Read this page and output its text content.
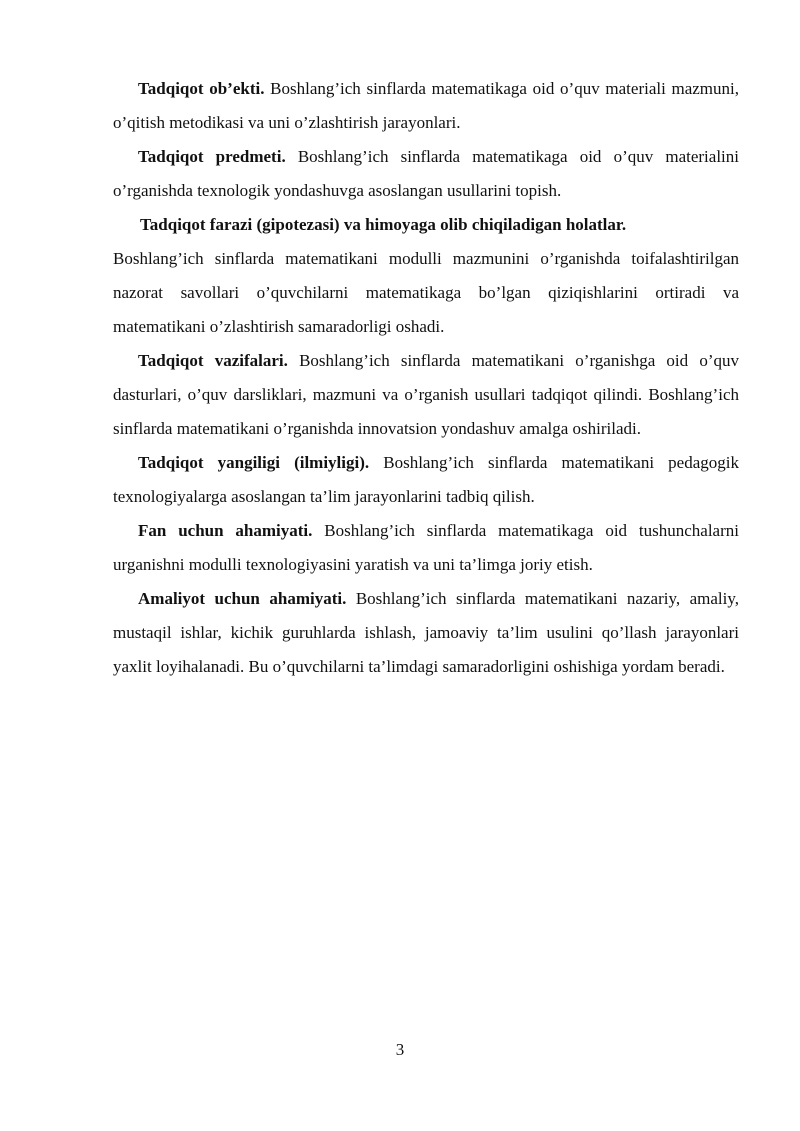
Tadqiqot ob’ekti. Boshlang’ich sinflarda matematikaga oid o’quv materiali mazmuni, o’qitish metodikasi va uni o’zlashtirish jarayonlari.

Tadqiqot predmeti. Boshlang’ich sinflarda matematikaga oid o’quv materialini o’rganishda texnologik yondashuvga asoslangan usullarini topish.

Tadqiqot farazi (gipotezasi) va himoyaga olib chiqiladigan holatlar.

Boshlang’ich sinflarda matematikani modulli mazmunini o’rganishda toifalashtirilgan nazorat savollari o’quvchilarni matematikaga bo’lgan qiziqishlarini ortiradi va matematikani o’zlashtirish samaradorligi oshadi.

Tadqiqot vazifalari. Boshlang’ich sinflarda matematikani o’rganishga oid o’quv dasturlari, o’quv darsliklari, mazmuni va o’rganish usullari tadqiqot qilindi. Boshlang’ich sinflarda matematikani o’rganishda innovatsion yondashuv amalga oshiriladi.

Tadqiqot yangiligi (ilmiyligi). Boshlang’ich sinflarda matematikani pedagogik texnologiyalarga asoslangan ta’lim jarayonlarini tadbiq qilish.

Fan uchun ahamiyati. Boshlang’ich sinflarda matematikaga oid tushunchalarni urganishni modulli texnologiyasini yaratish va uni ta’limga joriy etish.

Amaliyot uchun ahamiyati. Boshlang’ich sinflarda matematikani nazariy, amaliy, mustaqil ishlar, kichik guruhlarda ishlash, jamoaviy ta’lim usulini qo’llash jarayonlari yaxlit loyihalanadi. Bu o’quvchilarni ta’limdagi samaradorligini oshishiga yordam beradi.

3
